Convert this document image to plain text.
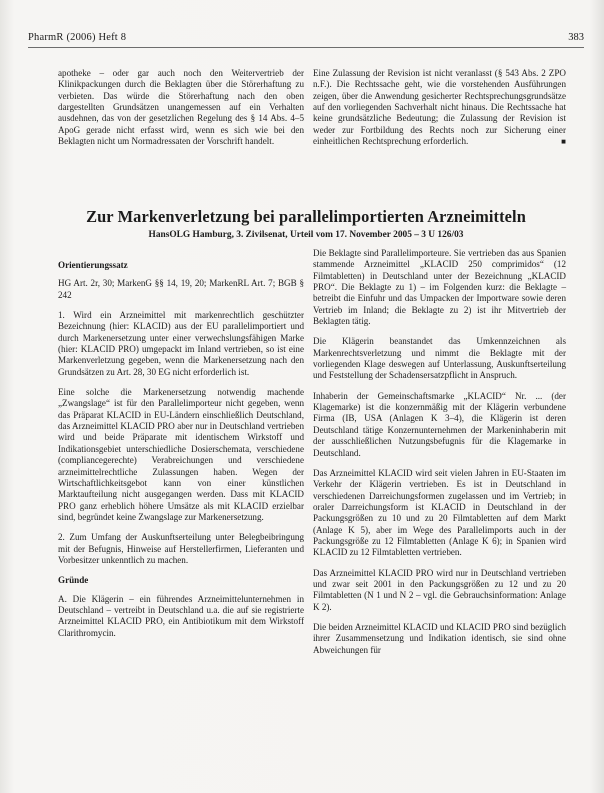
PharmR (2006) Heft 8	383

apotheke – oder gar auch noch den Weitervertrieb der Klinikpackungen durch die Beklagten über die Störerhaftung zu verbieten. Das würde die Störerhaftung nach den oben dargestellten Grundsätzen unangemessen auf ein Verhalten ausdehnen, das von der gesetzlichen Regelung des § 14 Abs. 4–5 ApoG gerade nicht erfasst wird, wenn es sich wie bei den Beklagten nicht um Normadressaten der Vorschrift handelt.

Eine Zulassung der Revision ist nicht veranlasst (§ 543 Abs. 2 ZPO n.F.). Die Rechtssache geht, wie die vorstehenden Ausführungen zeigen, über die Anwendung gesicherter Rechtsprechungsgrundsätze auf den vorliegenden Sachverhalt nicht hinaus. Die Rechtssache hat keine grundsätzliche Bedeutung; die Zulassung der Revision ist weder zur Fortbildung des Rechts noch zur Sicherung einer einheitlichen Rechtsprechung erforderlich.	■

Zur Markenverletzung bei parallelimportierten Arzneimitteln
HansOLG Hamburg, 3. Zivilsenat, Urteil vom 17. November 2005 – 3 U 126/03

Orientierungssatz

HG Art. 2r, 30; MarkenG §§ 14, 19, 20; MarkenRL Art. 7; BGB § 242

1. Wird ein Arzneimittel mit markenrechtlich geschützter Bezeichnung (hier: KLACID) aus der EU parallelimportiert und durch Markenersetzung unter einer verwechslungsfähigen Marke (hier: KLACID PRO) umgepackt im Inland vertrieben, so ist eine Markenverletzung gegeben, wenn die Markenersetzung nach den Grundsätzen zu Art. 28, 30 EG nicht erforderlich ist.

Eine solche die Markenersetzung notwendig machende „Zwangslage“ ist für den Parallelimporteur nicht gegeben, wenn das Präparat KLACID in EU-Ländern einschließlich Deutschland, das Arzneimittel KLACID PRO aber nur in Deutschland vertrieben wird und beide Präparate mit identischem Wirkstoff und Indikationsgebiet unterschiedliche Dosierschemata, verschiedene (compliancegerechte) Verabreichungen und verschiedene arzneimittelrechtliche Zulassungen haben. Wegen der Wirtschaftlichkeitsgebot kann von einer künstlichen Marktaufteilung nicht ausgegangen werden. Dass mit KLACID PRO ganz erheblich höhere Umsätze als mit KLACID erzielbar sind, begründet keine Zwangslage zur Markenersetzung.

2. Zum Umfang der Auskunftserteilung unter Belegbeibringung mit der Befugnis, Hinweise auf Herstellerfirmen, Lieferanten und Vorbesitzer unkenntlich zu machen.

Gründe

A. Die Klägerin – ein führendes Arzneimittelunternehmen in Deutschland – vertreibt in Deutschland u.a. die auf sie registrierte Arzneimittel KLACID PRO, ein Antibiotikum mit dem Wirkstoff Clarithromycin.

Die Beklagte sind Parallelimporteure. Sie vertrieben das aus Spanien stammende Arzneimittel „KLACID 250 comprimidos“ (12 Filmtabletten) in Deutschland unter der Bezeichnung „KLACID PRO“. Die Beklagte zu 1) – im Folgenden kurz: die Beklagte – betreibt die Einfuhr und das Umpacken der Importware sowie deren Vertrieb im Inland; die Beklagte zu 2) ist ihr Mitvertrieb der Beklagten tätig.

Die Klägerin beanstandet das Umkennzeichnen als Markenrechtsverletzung und nimmt die Beklagte mit der vorliegenden Klage deswegen auf Unterlassung, Auskunftserteilung und Feststellung der Schadensersatzpflicht in Anspruch.

Inhaberin der Gemeinschaftsmarke „KLACID“ Nr. ... (der Klagemarke) ist die konzernmäßig mit der Klägerin verbundene Firma (IB, USA (Anlagen K 3–4), die Klägerin ist deren Deutschland tätige Konzernunternehmen der Markeninhaberin mit der ausschließlichen Nutzungsbefugnis für die Klagemarke in Deutschland.

Das Arzneimittel KLACID wird seit vielen Jahren in EU-Staaten im Verkehr der Klägerin vertrieben. Es ist in Deutschland in verschiedenen Darreichungsformen zugelassen und im Vertrieb; in oraler Darreichungsform ist KLACID in Deutschland in der Packungsgrößen zu 10 und zu 20 Filmtabletten auf dem Markt (Anlage K 5), aber im Wege des Parallelimports auch in der Packungsgröße zu 12 Filmtabletten (Anlage K 6); in Spanien wird KLACID zu 12 Filmtabletten vertrieben.

Das Arzneimittel KLACID PRO wird nur in Deutschland vertrieben und zwar seit 2001 in den Packungsgrößen zu 12 und zu 20 Filmtabletten (N 1 und N 2 – vgl. die Gebrauchsinformation: Anlage K 2).

Die beiden Arzneimittel KLACID und KLACID PRO sind bezüglich ihrer Zusammensetzung und Indikation identisch, sie sind ohne Abweichungen für
